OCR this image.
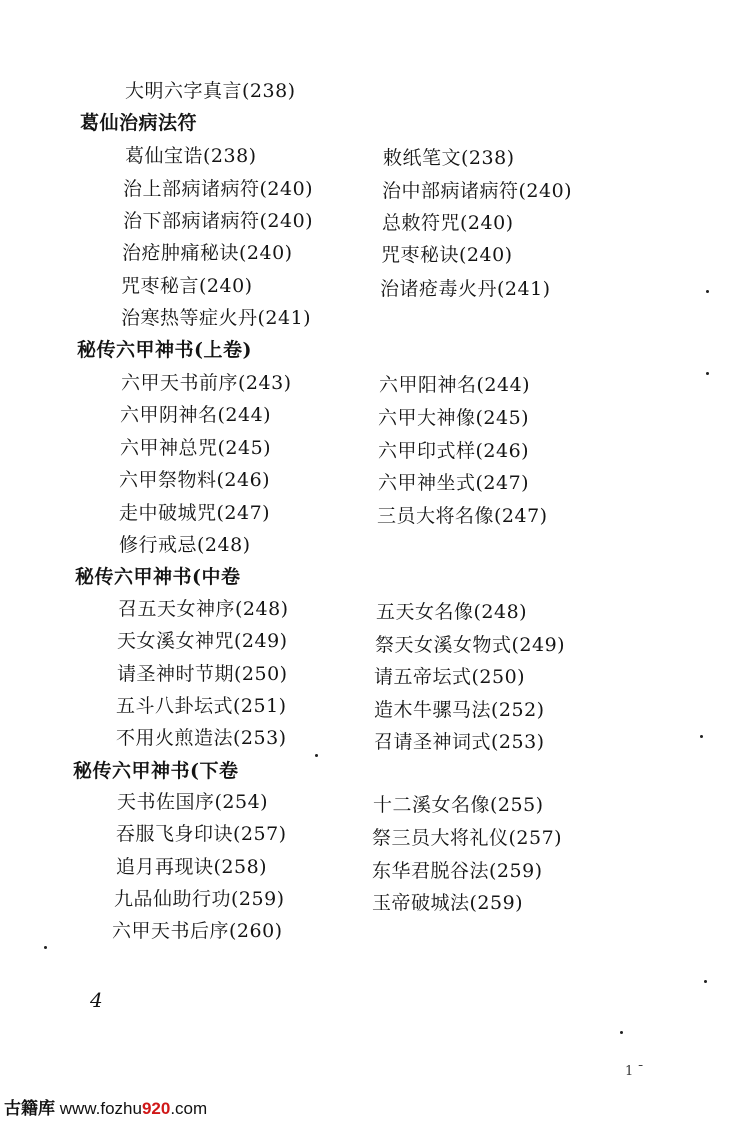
大明六字真言(238)
葛仙治病法符
葛仙宝诰(238)	敕纸笔文(238)
治上部病诸病符(240)	治中部病诸病符(240)
治下部病诸病符(240)	总敕符咒(240)
治疮肿痛秘诀(240)	咒枣秘诀(240)
咒枣秘言(240)	治诸疮毒火丹(241)
治寒热等症火丹(241)
秘传六甲神书(上卷)
六甲天书前序(243)	六甲阳神名(244)
六甲阴神名(244)	六甲大神像(245)
六甲神总咒(245)	六甲印式样(246)
六甲祭物料(246)	六甲神坐式(247)
走中破城咒(247)	三员大将名像(247)
修行戒忌(248)
秘传六甲神书(中卷
召五天女神序(248)	五天女名像(248)
天女溪女神咒(249)	祭天女溪女物式(249)
请圣神时节期(250)	请五帝坛式(250)
五斗八卦坛式(251)	造木牛骡马法(252)
不用火煎造法(253)	召请圣神词式(253)
秘传六甲神书(下卷
天书佐国序(254)	十二溪女名像(255)
吞服飞身印诀(257)	祭三员大将礼仪(257)
追月再现诀(258)	东华君脱谷法(259)
九品仙助行功(259)	玉帝破城法(259)
六甲天书后序(260)
4
1 ˉ
古籍库 www.fozhu920.com
